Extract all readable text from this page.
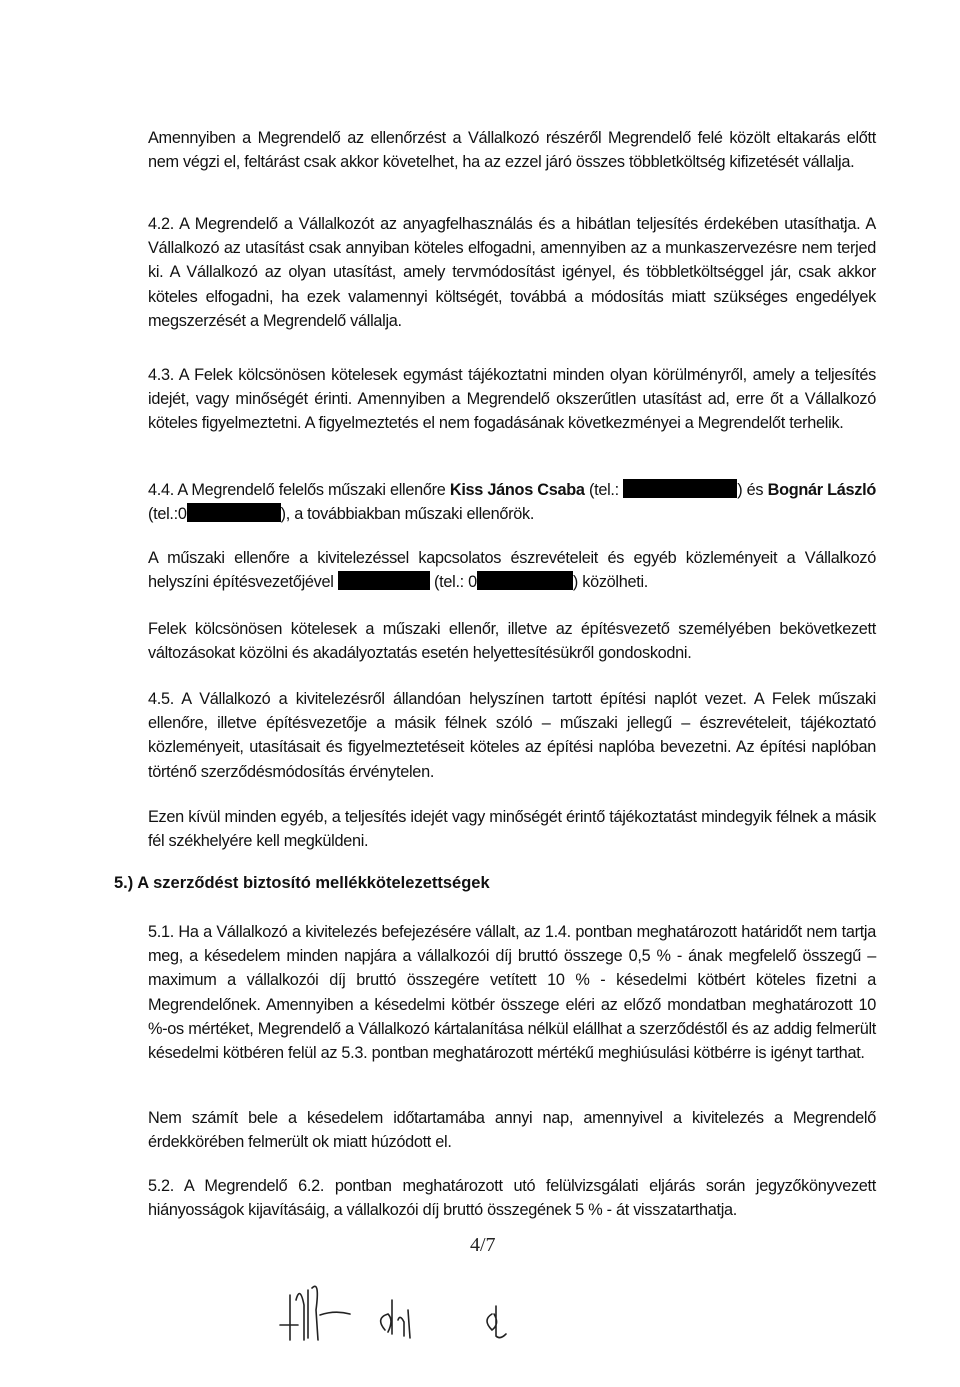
Amennyiben a Megrendelő az ellenőrzést a Vállalkozó részéről Megrendelő felé közölt eltakarás előtt nem végzi el, feltárást csak akkor követelhet, ha az ezzel járó összes többletköltség kifizetését vállalja.

4.2. A Megrendelő a Vállalkozót az anyagfelhasználás és a hibátlan teljesítés érdekében utasíthatja. A Vállalkozó az utasítást csak annyiban köteles elfogadni, amennyiben az a munkaszervezésre nem terjed ki. A Vállalkozó az olyan utasítást, amely tervmódosítást igényel, és többletköltséggel jár, csak akkor köteles elfogadni, ha ezek valamennyi költségét, továbbá a módosítás miatt szükséges engedélyek megszerzését a Megrendelő vállalja.

4.3. A Felek kölcsönösen kötelesek egymást tájékoztatni minden olyan körülményről, amely a teljesítés idejét, vagy minőségét érinti. Amennyiben a Megrendelő okszerűtlen utasítást ad, erre őt a Vállalkozó köteles figyelmeztetni. A figyelmeztetés el nem fogadásának következményei a Megrendelőt terhelik.

4.4. A Megrendelő felelős műszaki ellenőre Kiss János Csaba (tel.:	) és Bognár László (tel.:0	), a továbbiakban műszaki ellenőrök.

A műszaki ellenőre a kivitelezéssel kapcsolatos észrevételeit és egyéb közleményeit a Vállalkozó helyszíni építésvezetőjével	(tel.: 0	) közölheti.

Felek kölcsönösen kötelesek a műszaki ellenőr, illetve az építésvezető személyében bekövetkezett változásokat közölni és akadályoztatás esetén helyettesítésükről gondoskodni.

4.5. A Vállalkozó a kivitelezésről állandóan helyszínen tartott építési naplót vezet. A Felek műszaki ellenőre, illetve építésvezetője a másik félnek szóló – műszaki jellegű – észrevételeit, tájékoztató közleményeit, utasításait és figyelmeztetéseit köteles az építési naplóba bevezetni. Az építési naplóban történő szerződésmódosítás érvénytelen.

Ezen kívül minden egyéb, a teljesítés idejét vagy minőségét érintő tájékoztatást mindegyik félnek a másik fél székhelyére kell megküldeni.

5.) A szerződést biztosító mellékkötelezettségek

5.1. Ha a Vállalkozó a kivitelezés befejezésére vállalt, az 1.4. pontban meghatározott határidőt nem tartja meg, a késedelem minden napjára a vállalkozói díj bruttó összege 0,5 % - ának megfelelő összegű – maximum a vállalkozói díj bruttó összegére vetített 10 % - késedelmi kötbért köteles fizetni a Megrendelőnek. Amennyiben a késedelmi kötbér összege eléri az előző mondatban meghatározott 10 %-os mértéket, Megrendelő a Vállalkozó kártalanítása nélkül elállhat a szerződéstől és az addig felmerült késedelmi kötbéren felül az 5.3. pontban meghatározott mértékű meghiúsulási kötbérre is igényt tarthat.

Nem számít bele a késedelem időtartamába annyi nap, amennyivel a kivitelezés a Megrendelő érdekkörében felmerült ok miatt húzódott el.

5.2. A Megrendelő 6.2. pontban meghatározott utó felülvizsgálati eljárás során jegyzőkönyvezett hiányosságok kijavításáig, a vállalkozói díj bruttó összegének 5 % - át visszatarthatja.

4/7
